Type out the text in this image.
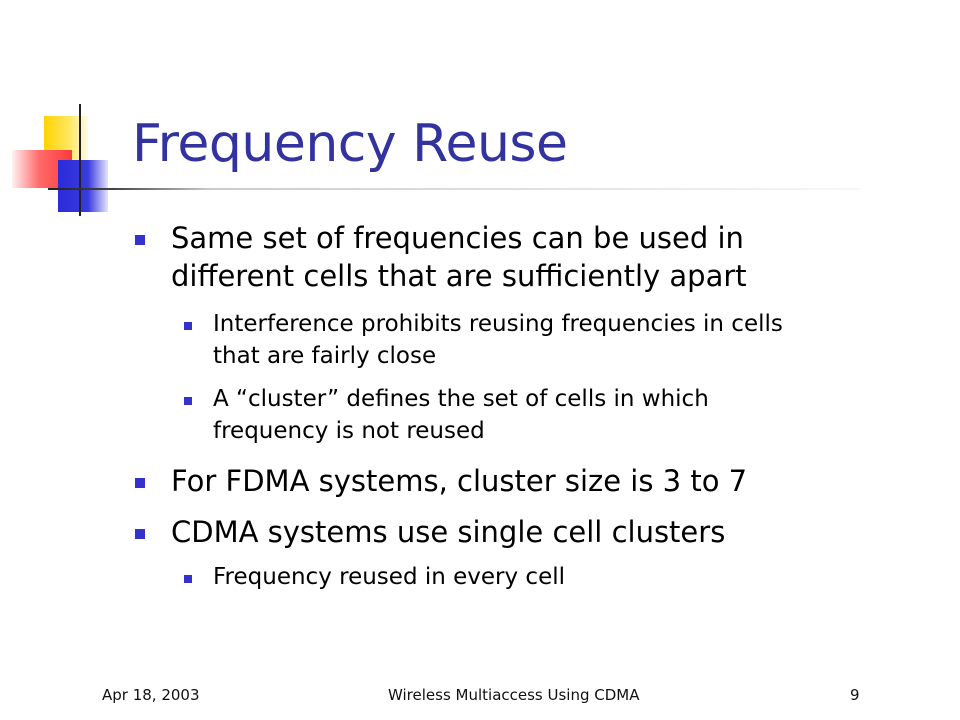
Frequency Reuse
Same set of frequencies can be used in
different cells that are sufficiently apart
Interference prohibits reusing frequencies in cells
that are fairly close
A “cluster” defines the set of cells in which
frequency is not reused
For FDMA systems, cluster size is 3 to 7
CDMA systems use single cell clusters
Frequency reused in every cell
Apr 18, 2003	Wireless Multiaccess Using CDMA	9
